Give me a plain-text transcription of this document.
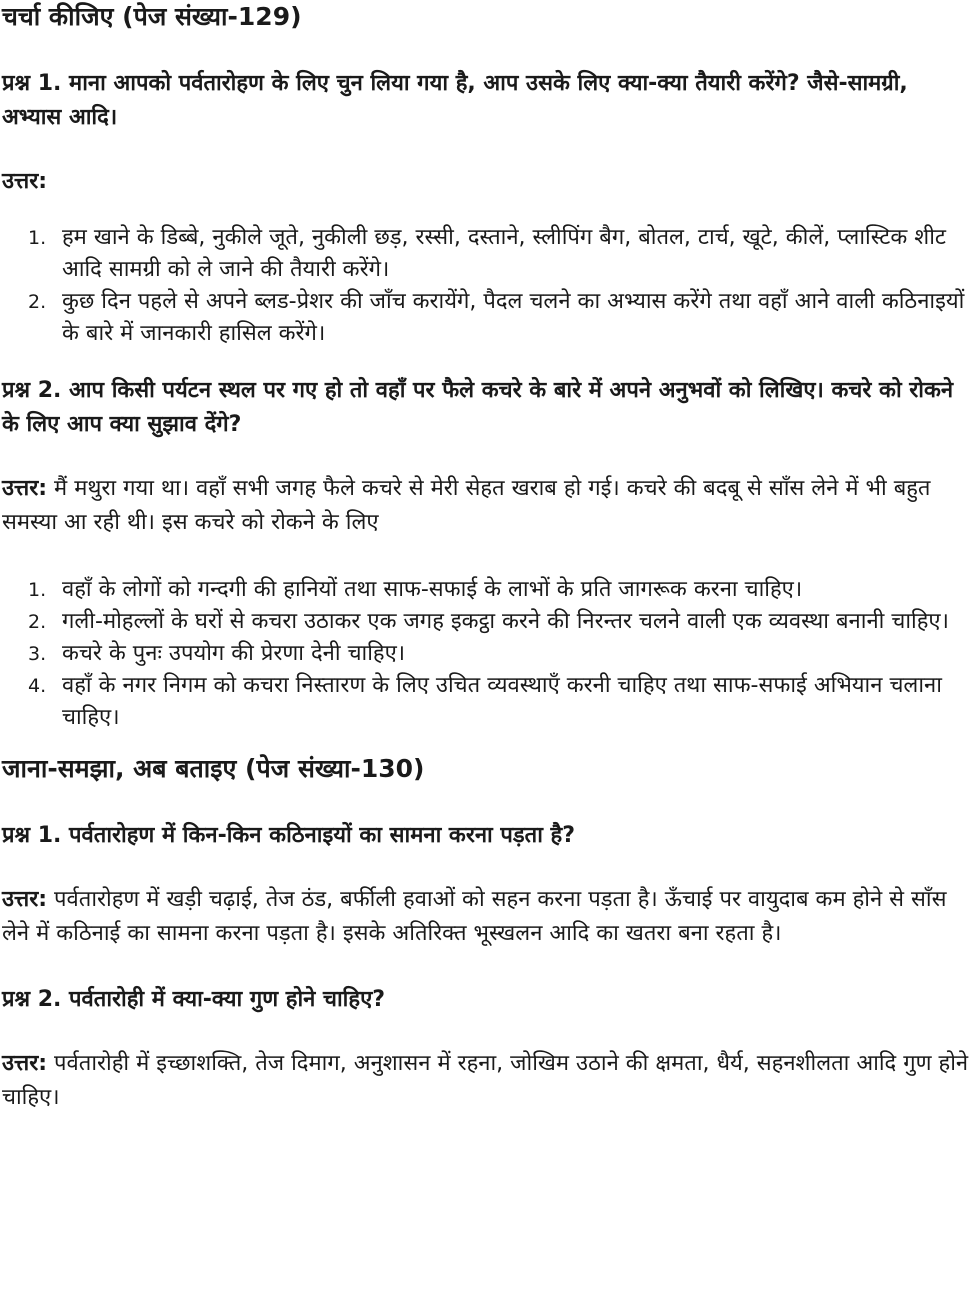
चर्चा कीजिए (पेज संख्या-129)

प्रश्न 1. माना आपको पर्वतारोहण के लिए चुन लिया गया है, आप उसके लिए क्या-क्या तैयारी करेंगे? जैसे-सामग्री, अभ्यास आदि।

उत्तर:

1. हम खाने के डिब्बे, नुकीले जूते, नुकीली छड़, रस्सी, दस्ताने, स्लीपिंग बैग, बोतल, टार्च, खूटे, कीलें, प्लास्टिक शीट आदि सामग्री को ले जाने की तैयारी करेंगे।
2. कुछ दिन पहले से अपने ब्लड-प्रेशर की जाँच करायेंगे, पैदल चलने का अभ्यास करेंगे तथा वहाँ आने वाली कठिनाइयों के बारे में जानकारी हासिल करेंगे।

प्रश्न 2. आप किसी पर्यटन स्थल पर गए हो तो वहाँ पर फैले कचरे के बारे में अपने अनुभवों को लिखिए। कचरे को रोकने के लिए आप क्या सुझाव देंगे?

उत्तर: मैं मथुरा गया था। वहाँ सभी जगह फैले कचरे से मेरी सेहत खराब हो गई। कचरे की बदबू से साँस लेने में भी बहुत समस्या आ रही थी। इस कचरे को रोकने के लिए

1. वहाँ के लोगों को गन्दगी की हानियों तथा साफ-सफाई के लाभों के प्रति जागरूक करना चाहिए।
2. गली-मोहल्लों के घरों से कचरा उठाकर एक जगह इकट्ठा करने की निरन्तर चलने वाली एक व्यवस्था बनानी चाहिए।
3. कचरे के पुनः उपयोग की प्रेरणा देनी चाहिए।
4. वहाँ के नगर निगम को कचरा निस्तारण के लिए उचित व्यवस्थाएँ करनी चाहिए तथा साफ-सफाई अभियान चलाना चाहिए।
जाना-समझा, अब बताइए (पेज संख्या-130)

प्रश्न 1. पर्वतारोहण में किन-किन कठिनाइयों का सामना करना पड़ता है?

उत्तर: पर्वतारोहण में खड़ी चढ़ाई, तेज ठंड, बर्फीली हवाओं को सहन करना पड़ता है। ऊँचाई पर वायुदाब कम होने से साँस लेने में कठिनाई का सामना करना पड़ता है। इसके अतिरिक्त भूस्खलन आदि का खतरा बना रहता है।

प्रश्न 2. पर्वतारोही में क्या-क्या गुण होने चाहिए?

उत्तर: पर्वतारोही में इच्छाशक्ति, तेज दिमाग, अनुशासन में रहना, जोखिम उठाने की क्षमता, धैर्य, सहनशीलता आदि गुण होने चाहिए।
